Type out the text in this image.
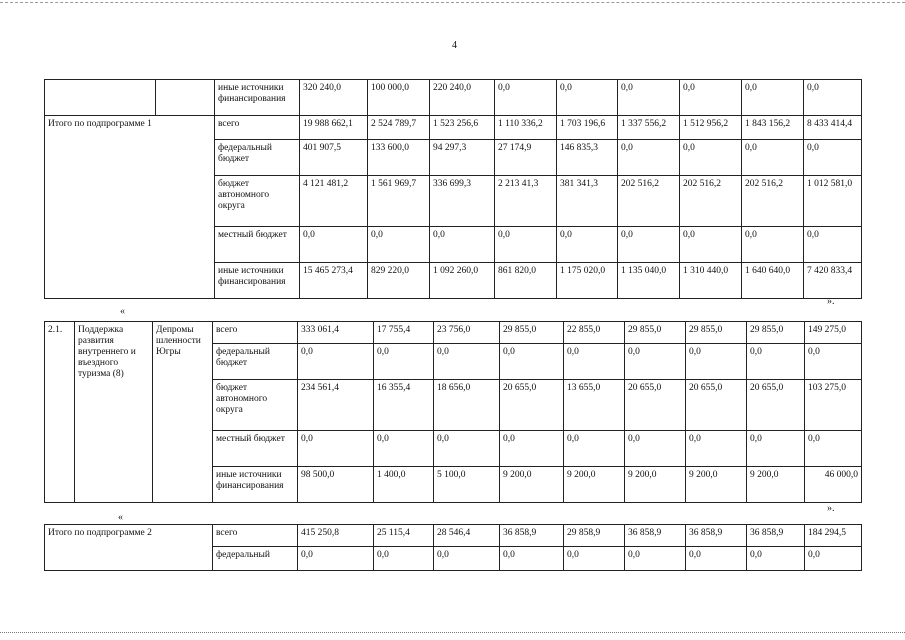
4
		иные источники финансирования	320 240,0	100 000,0	220 240,0	0,0	0,0	0,0	0,0	0,0	0,0
Итого по подпрограмме 1		всего	19 988 662,1	2 524 789,7	1 523 256,6	1 110 336,2	1 703 196,6	1 337 556,2	1 512 956,2	1 843 156,2	8 433 414,4
		федеральный бюджет	401 907,5	133 600,0	94 297,3	27 174,9	146 835,3	0,0	0,0	0,0	0,0
		бюджет автономного округа	4 121 481,2	1 561 969,7	336 699,3	2 213 41,3	381 341,3	202 516,2	202 516,2	202 516,2	1 012 581,0
		местный бюджет	0,0	0,0	0,0	0,0	0,0	0,0	0,0	0,0	0,0
		иные источники финансирования	15 465 273,4	829 220,0	1 092 260,0	861 820,0	1 175 020,0	1 135 040,0	1 310 440,0	1 640 640,0	7 420 833,4
«
».
2.1.	Поддержка развития внутреннего и въездного туризма (8)	Депромы шленности Югры	всего	333 061,4	17 755,4	23 756,0	29 855,0	22 855,0	29 855,0	29 855,0	29 855,0	149 275,0
			федеральный бюджет	0,0	0,0	0,0	0,0	0,0	0,0	0,0	0,0	0,0
			бюджет автономного округа	234 561,4	16 355,4	18 656,0	20 655,0	13 655,0	20 655,0	20 655,0	20 655,0	103 275,0
			местный бюджет	0,0	0,0	0,0	0,0	0,0	0,0	0,0	0,0	0,0
			иные источники финансирования	98 500,0	1 400,0	5 100,0	9 200,0	9 200,0	9 200,0	9 200,0	9 200,0	46 000,0
«
».
Итого по подпрограмме 2	всего	415 250,8	25 115,4	28 546,4	36 858,9	29 858,9	36 858,9	36 858,9	36 858,9	184 294,5
	федеральный	0,0	0,0	0,0	0,0	0,0	0,0	0,0	0,0	0,0
